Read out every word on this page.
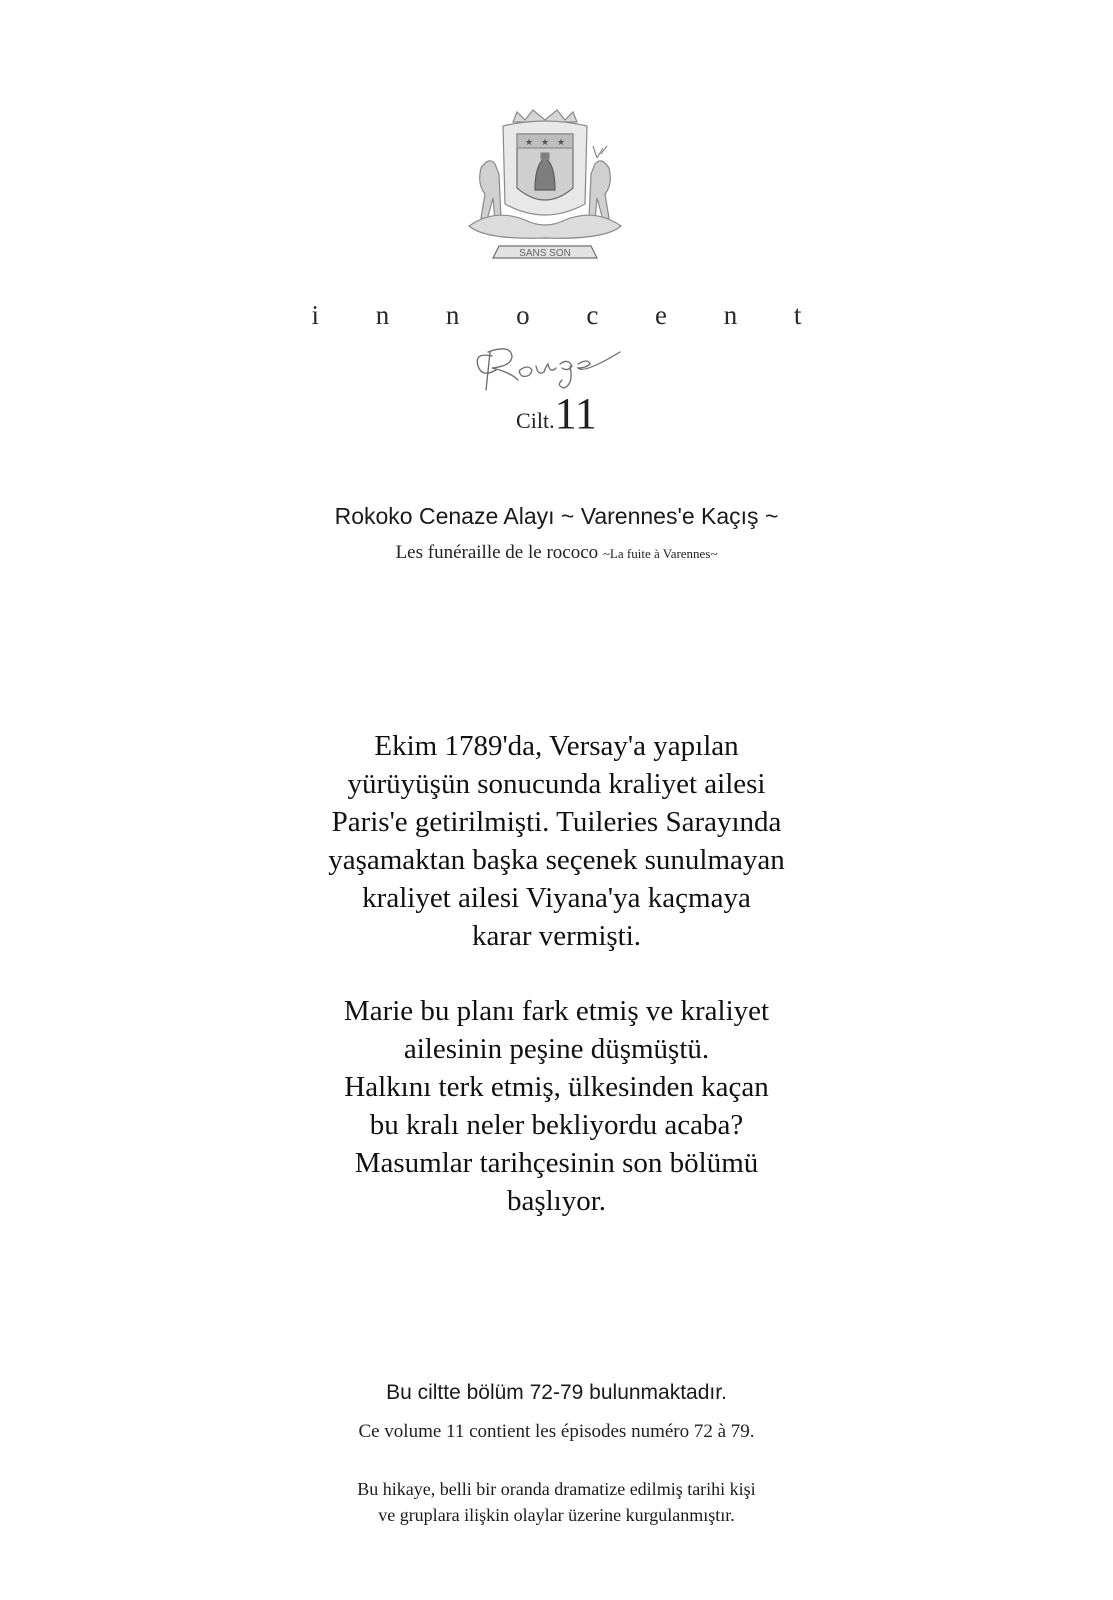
★ ★ ★
SANS SON
i n n o c e n t
Cilt.11
Rokoko Cenaze Alayı ~ Varennes'e Kaçış ~
Les funéraille de le rococo ~La fuite à Varennes~
Ekim 1789'da, Versay'a yapılan
yürüyüşün sonucunda kraliyet ailesi
Paris'e getirilmişti. Tuileries Sarayında
yaşamaktan başka seçenek sunulmayan
kraliyet ailesi Viyana'ya kaçmaya
karar vermişti.
Marie bu planı fark etmiş ve kraliyet
ailesinin peşine düşmüştü.
Halkını terk etmiş, ülkesinden kaçan
bu kralı neler bekliyordu acaba?
Masumlar tarihçesinin son bölümü
başlıyor.
Bu ciltte bölüm 72-79 bulunmaktadır.
Ce volume 11 contient les épisodes numéro 72 à 79.
Bu hikaye, belli bir oranda dramatize edilmiş tarihi kişi
ve gruplara ilişkin olaylar üzerine kurgulanmıştır.
